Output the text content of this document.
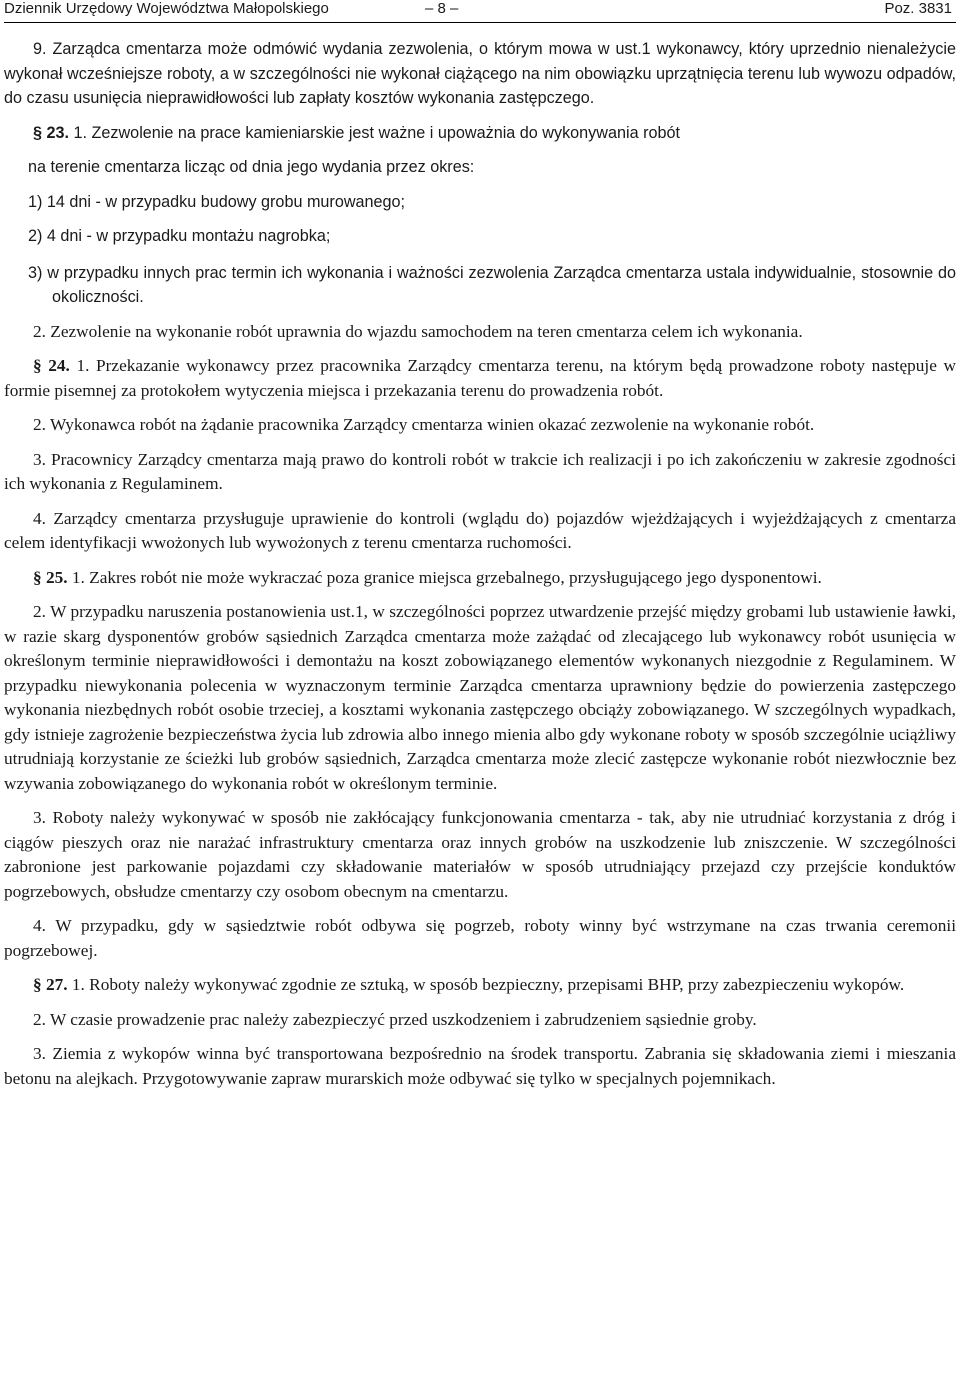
Dziennik Urzędowy Województwa Małopolskiego	– 8 –	Poz. 3831

9. Zarządca cmentarza może odmówić wydania zezwolenia, o którym mowa w ust.1 wykonawcy, który uprzednio nienależycie wykonał wcześniejsze roboty, a w szczególności nie wykonał ciążącego na nim obowiązku uprzątnięcia terenu lub wywozu odpadów, do czasu usunięcia nieprawidłowości lub zapłaty kosztów wykonania zastępczego.

§ 23. 1. Zezwolenie na prace kamieniarskie jest ważne i upoważnia do wykonywania robót

na terenie cmentarza licząc od dnia jego wydania przez okres:

1) 14 dni - w przypadku budowy grobu murowanego;

2) 4 dni - w przypadku montażu nagrobka;

3) w przypadku innych prac termin ich wykonania i ważności zezwolenia Zarządca cmentarza ustala indywidualnie, stosownie do okoliczności.

2. Zezwolenie na wykonanie robót uprawnia do wjazdu samochodem na teren cmentarza celem ich wykonania.

§ 24. 1. Przekazanie wykonawcy przez pracownika Zarządcy cmentarza terenu, na którym będą prowadzone roboty następuje w formie pisemnej za protokołem wytyczenia miejsca i przekazania terenu do prowadzenia robót.

2. Wykonawca robót na żądanie pracownika Zarządcy cmentarza winien okazać zezwolenie na wykonanie robót.

3. Pracownicy Zarządcy cmentarza mają prawo do kontroli robót w trakcie ich realizacji i po ich zakończeniu w zakresie zgodności ich wykonania z Regulaminem.

4. Zarządcy cmentarza przysługuje uprawienie do kontroli (wglądu do) pojazdów wjeżdżających i wyjeżdżających z cmentarza celem identyfikacji wwożonych lub wywożonych z terenu cmentarza ruchomości.

§ 25. 1. Zakres robót nie może wykraczać poza granice miejsca grzebalnego, przysługującego jego dysponentowi.

2. W przypadku naruszenia postanowienia ust.1, w szczególności poprzez utwardzenie przejść między grobami lub ustawienie ławki, w razie skarg dysponentów grobów sąsiednich Zarządca cmentarza może zażądać od zlecającego lub wykonawcy robót usunięcia w określonym terminie nieprawidłowości i demontażu na koszt zobowiązanego elementów wykonanych niezgodnie z Regulaminem. W przypadku niewykonania polecenia w wyznaczonym terminie Zarządca cmentarza uprawniony będzie do powierzenia zastępczego wykonania niezbędnych robót osobie trzeciej, a kosztami wykonania zastępczego obciąży zobowiązanego. W szczególnych wypadkach, gdy istnieje zagrożenie bezpieczeństwa życia lub zdrowia albo innego mienia albo gdy wykonane roboty w sposób szczególnie uciążliwy utrudniają korzystanie ze ścieżki lub grobów sąsiednich, Zarządca cmentarza może zlecić zastępcze wykonanie robót niezwłocznie bez wzywania zobowiązanego do wykonania robót w określonym terminie.

3. Roboty należy wykonywać w sposób nie zakłócający funkcjonowania cmentarza - tak, aby nie utrudniać korzystania z dróg i ciągów pieszych oraz nie narażać infrastruktury cmentarza oraz innych grobów na uszkodzenie lub zniszczenie. W szczególności zabronione jest parkowanie pojazdami czy składowanie materiałów w sposób utrudniający przejazd czy przejście konduktów pogrzebowych, obsłudze cmentarzy czy osobom obecnym na cmentarzu.

4. W przypadku, gdy w sąsiedztwie robót odbywa się pogrzeb, roboty winny być wstrzymane na czas trwania ceremonii pogrzebowej.

§ 27. 1. Roboty należy wykonywać zgodnie ze sztuką, w sposób bezpieczny, przepisami BHP, przy zabezpieczeniu wykopów.

2. W czasie prowadzenie prac należy zabezpieczyć przed uszkodzeniem i zabrudzeniem sąsiednie groby.

3. Ziemia z wykopów winna być transportowana bezpośrednio na środek transportu. Zabrania się składowania ziemi i mieszania betonu na alejkach. Przygotowywanie zapraw murarskich może odbywać się tylko w specjalnych pojemnikach.
